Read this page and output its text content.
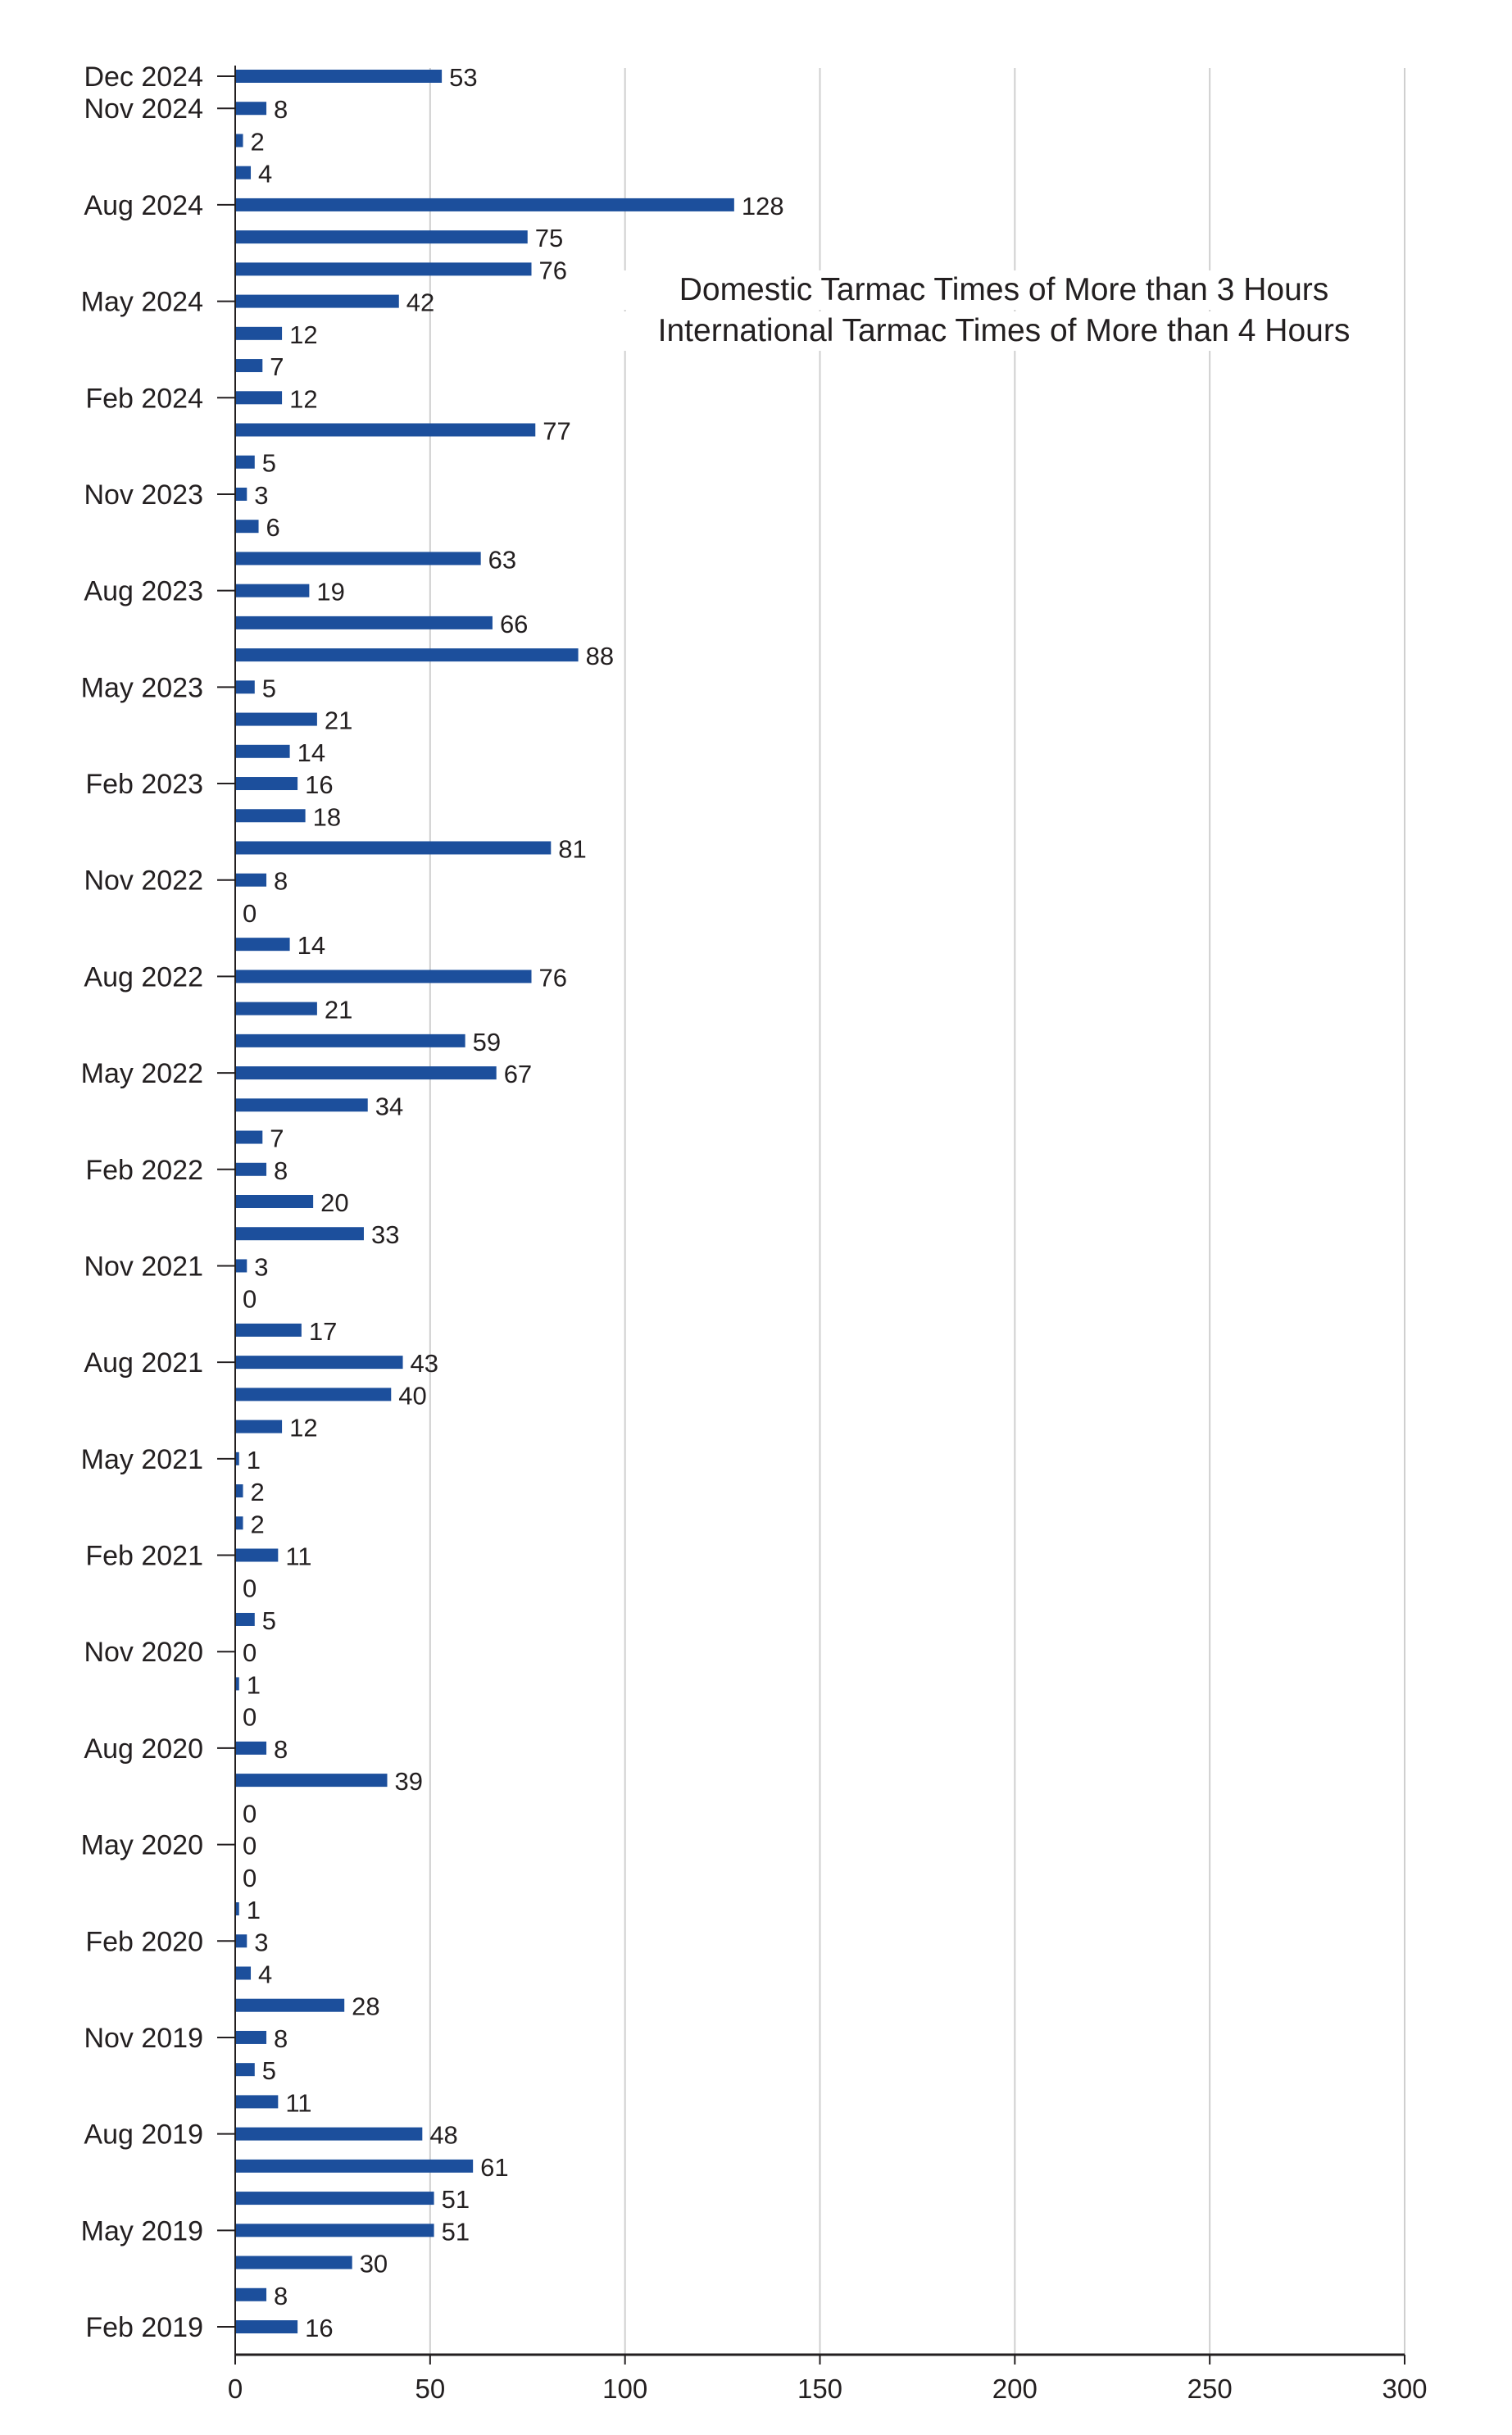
53
8
2
4
128
75
76
42
12
7
12
77
5
3
6
63
19
66
88
5
21
14
16
18
81
8
0
14
76
21
59
67
34
7
8
20
33
3
0
17
43
40
12
1
2
2
11
0
5
0
1
0
8
39
0
0
0
1
3
4
28
8
5
11
48
61
51
51
30
8
16
0	50	100	150	200	250	300
Dec 2024
Nov 2024
Aug 2024
May 2024
Feb 2024
Nov 2023
Aug 2023
May 2023
Feb 2023
Nov 2022
Aug 2022
May 2022
Feb 2022
Nov 2021
Aug 2021
May 2021
Feb 2021
Nov 2020
Aug 2020
May 2020
Feb 2020
Nov 2019
Aug 2019
May 2019
Feb 2019
Domestic Tarmac Times of More than 3 Hours
International Tarmac Times of More than 4 Hours
